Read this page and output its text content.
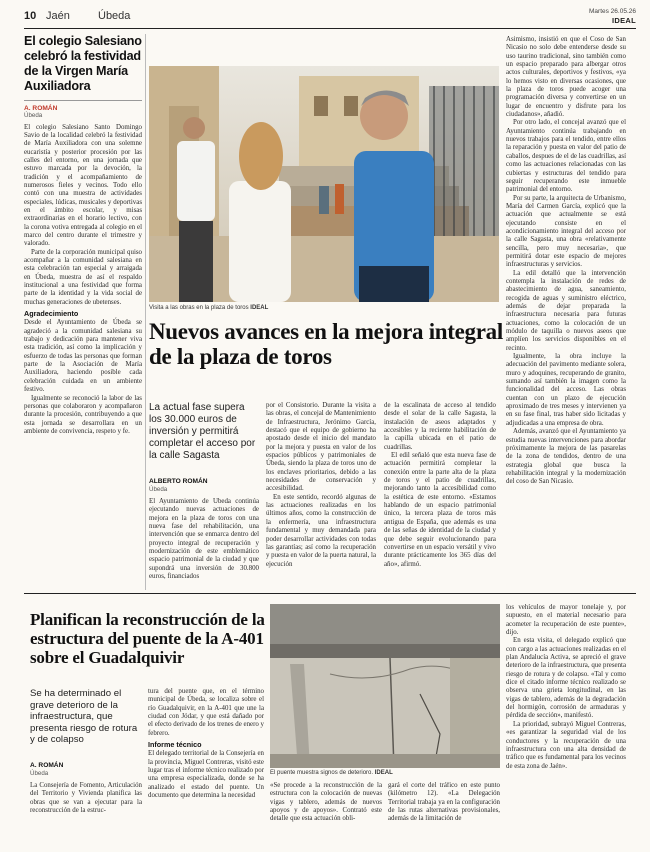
10 Jaén	Úbeda	Martes 26.05.26
IDEAL
El colegio Salesiano celebró la festividad de la Virgen María Auxiliadora
A. ROMÁN
Úbeda

El colegio Salesiano Santo Domingo Savio de la localidad celebró la festividad de María Auxiliadora con una solemne eucaristía y posterior procesión por las calles del entorno, en una jornada que estuvo marcada por la devoción, la tradición y el acompañamiento de numerosos fieles y vecinos. Todo ello contó con una muestra de actividades especiales, lúdicas, musicales y deportivas en el ámbito escolar, y misas extraordinarias en el horario lectivo, con la corona votiva entregada al colegio en el marco del centro durante el trimestre y valorado.

Parte de la corporación municipal quiso acompañar a la comunidad salesiana en esta celebración tan especial y arraigada en Úbeda, muestra de así el respaldo institucional a una festividad que forma parte de la identidad y la vida social de muchas generaciones de ubetenses.

Agradecimiento

Desde el Ayuntamiento de Úbeda se agradeció a la comunidad salesiana su trabajo y dedicación para mantener viva esta tradición, así como la implicación y esfuerzo de todas las personas que forman parte de la Asociación de María Auxiliadora, haciendo posible cada celebración cuidada en un ambiente festivo.

Igualmente se reconoció la labor de las personas que colaboraron y acompañaron durante la procesión, contribuyendo a que esta jornada se desarrollara en un ambiente de convivencia, respeto y fe.

Visita a las obras en la plaza de toros IDEAL
Nuevos avances en la mejora integral de la plaza de toros
La actual fase supera los 30.000 euros de inversión y permitirá completar el acceso por la calle Sagasta
ALBERTO ROMÁN
Úbeda

El Ayuntamiento de Úbeda continúa ejecutando nuevas actuaciones de mejora en la plaza de toros con una nueva fase del rehabilitación, una intervención que se enmarca dentro del proyecto integral de recuperación y modernización de este emblemático espacio patrimonial de la ciudad y que supondrá una inversión de 30.800 euros, financiados

por el Consistorio. Durante la visita a las obras, el concejal de Mantenimiento de Infraestructura, Jerónimo García, destacó que el equipo de gobierno ha apostado desde el inicio del mandato por la mejora y puesta en valor de los espacios públicos y patrimoniales de Úbeda, siendo la plaza de toros uno de los enclaves prioritarios, debido a las necesidades de conservación y accesibilidad.

En este sentido, recordó algunas de las actuaciones realizadas en los últimos años, como la construcción de la enfermería, una infraestructura fundamental y muy demandada para poder desarrollar actividades con todas las garantías; así como la recuperación y puesta en valor de la puerta natural, la ejecución

de la escalinata de acceso al tendido desde el solar de la calle Sagasta, la instalación de aseos adaptados y accesibles y la reciente habilitación de la capilla ubicada en el patio de cuadrillas.

El edil señaló que esta nueva fase de actuación permitirá completar la conexión entre la parte alta de la plaza de toros y el patio de cuadrillas, mejorando tanto la accesibilidad como la estética de este entorno. «Estamos hablando de un espacio patrimonial único, la tercera plaza de toros más antigua de España, que además es una de las señas de identidad de la ciudad y que debe seguir evolucionando para convertirse en un espacio versátil y vivo durante prácticamente los 365 días del año», afirmó.

Asimismo, insistió en que el Coso de San Nicasio no solo debe entenderse desde su uso taurino tradicional, sino también como un espacio preparado para albergar otros actos culturales, deportivos y festivos, «ya lo hemos visto en diversas ocasiones, que la plaza de toros puede acoger una programación diversa y convertirse en un lugar de encuentro y disfrute para los ciudadanos», añadió.

Por otro lado, el concejal avanzó que el Ayuntamiento continúa trabajando en nuevos trabajos para el tendido, entre ellos la reparación y puesta en valor del patio de caballos, despues de el de las cuadrillas, así como las actuaciones relacionadas con las cubiertas y estructuras del tendido para seguir recuperando este inmueble patrimonial del entorno.

Por su parte, la arquitecta de Urbanismo, María del Carmen García, explicó que la actuación que actualmente se está ejecutando consiste en el acondicionamiento integral del acceso por la calle Sagasta, una obra «relativamente sencilla, pero muy necesaria», que permitirá dotar este espacio de mejores infraestructuras y servicios.

La edil detalló que la intervención contempla la instalación de redes de abastecimiento de agua, saneamiento, recogida de aguas y suministro eléctrico, además de dejar preparada la infraestructura necesaria para futuras actuaciones, como la colocación de un módulo de taquilla o nuevos aseos que amplíen los servicios disponibles en el recinto.

Igualmente, la obra incluye la adecuación del pavimento mediante solera, muro y adoquines, recuperando de granito, sumando así también la imagen como la funcionalidad del acceso. Las obras cuentan con un plazo de ejecución aproximado de tres meses y intervienen ya en su fase final, tras haber sido licitadas y adjudicadas a una empresa de obra.

Además, avanzó que el Ayuntamiento ya estudia nuevas intervenciones para abordar próximamente la mejora de las pasarelas de la zona de tendidos, dentro de una estrategia global que busca la rehabilitación integral y la modernización del coso de San Nicasio.

Planifican la reconstrucción de la estructura del puente de la A-401 sobre el Guadalquivir
Se ha determinado el grave deterioro de la infraestructura, que presenta riesgo de rotura y de colapso
A. ROMÁN
Úbeda

La Consejería de Fomento, Articulación del Territorio y Vivienda planifica las obras que se van a ejecutar para la reconstrucción de la estruc-

tura del puente que, en el término municipal de Úbeda, se localiza sobre el río Guadalquivir, en la A-401 que une la ciudad con Jódar, y que está dañado por el efecto derivado de los trenes de enero y febrero.

Informe técnico

El delegado territorial de la Consejería en la provincia, Miguel Contreras, visitó este lugar tras el informe técnico realizado por una empresa especializada, donde se ha analizado el estado del puente. Un documento que determina la necesidad

El puente muestra signos de deterioro. IDEAL

«Se procede a la reconstrucción de la estructura con la colocación de nuevas vigas y tablero, además de nuevos apoyos y de apoyos». Contrató este detalle que esta actuación obli-

gará el corte del tráfico en este punto (kilómetro 12). «La Delegación Territorial trabaja ya en la configuración de las rutas alternativas provisionales, además de la limitación de

los vehículos de mayor tonelaje y, por supuesto, en el material necesario para acometer la recuperación de este puente», dijo.

En esta visita, el delegado explicó que con cargo a las actuaciones realizadas en el plan Andalucía Activa, se apreció el grave deterioro de la infraestructura, que presenta riesgo de rotura y de colapso. «Tal y como dice el citado informe técnico realizado se observa una grieta longitudinal, en las vigas de tablero, además de la degradación del hormigón, corrosión de armaduras y pérdida de sección», manifestó.

La prioridad, subrayó Miguel Contreras, «es garantizar la seguridad vial de los conductores y la recuperación de una infraestructura con una alta densidad de tráfico que es fundamental para los vecinos de esta zona de Jaén».
